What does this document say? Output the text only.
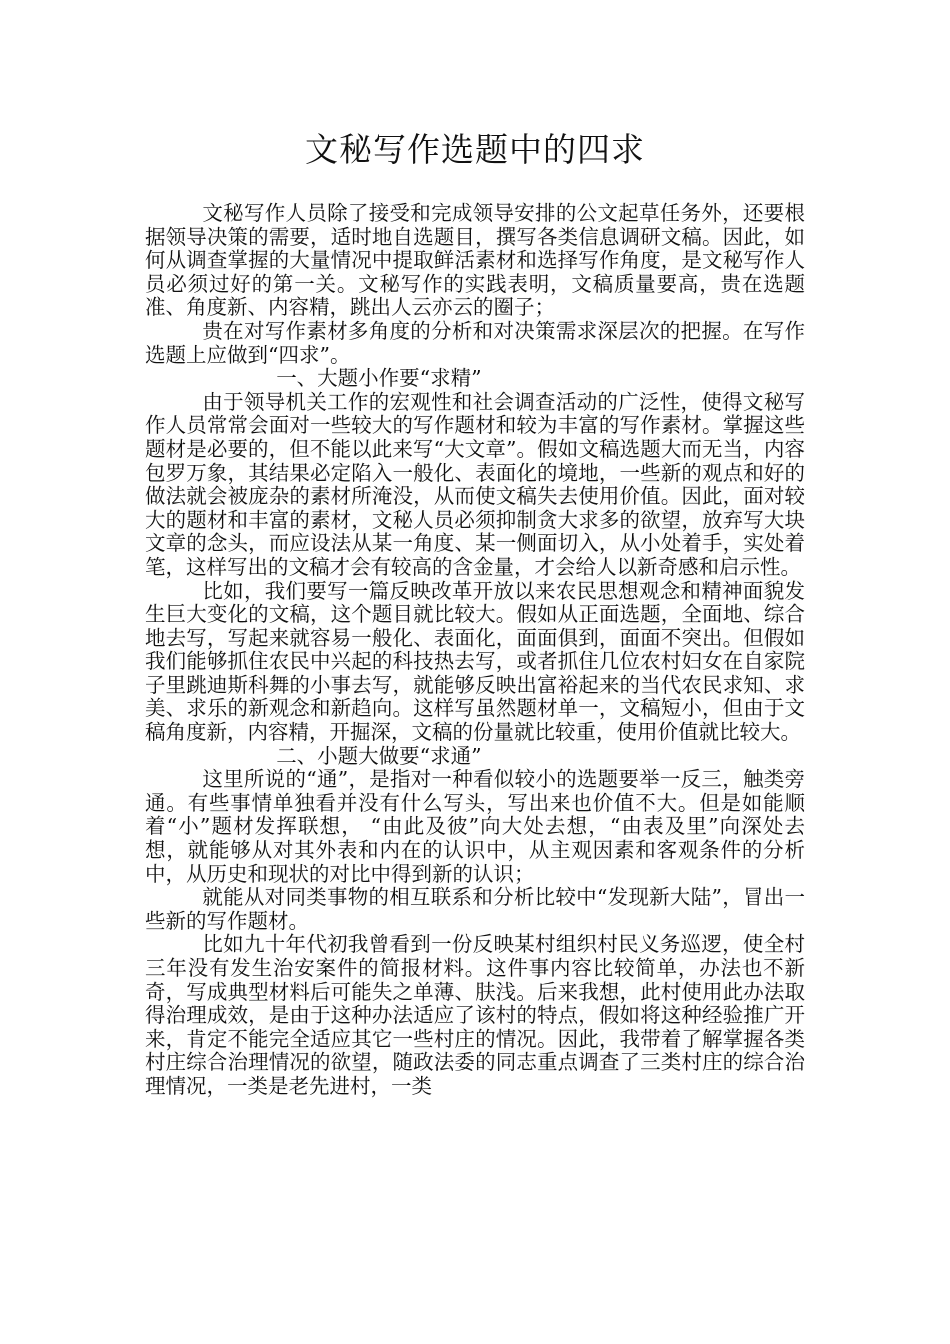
文秘写作选题中的四求

文秘写作人员除了接受和完成领导安排的公文起草任务外，还要根据领导决策的需要，适时地自选题目，撰写各类信息调研文稿。因此，如何从调查掌握的大量情况中提取鲜活素材和选择写作角度，是文秘写作人员必须过好的第一关。文秘写作的实践表明，文稿质量要高，贵在选题准、角度新、内容精，跳出人云亦云的圈子；

贵在对写作素材多角度的分析和对决策需求深层次的把握。在写作选题上应做到“四求”。

一、大题小作要“求精”

由于领导机关工作的宏观性和社会调查活动的广泛性，使得文秘写作人员常常会面对一些较大的写作题材和较为丰富的写作素材。掌握这些题材是必要的，但不能以此来写“大文章”。假如文稿选题大而无当，内容包罗万象，其结果必定陷入一般化、表面化的境地，一些新的观点和好的做法就会被庞杂的素材所淹没，从而使文稿失去使用价值。因此，面对较大的题材和丰富的素材，文秘人员必须抑制贪大求多的欲望，放弃写大块文章的念头，而应设法从某一角度、某一侧面切入，从小处着手，实处着笔，这样写出的文稿才会有较高的含金量，才会给人以新奇感和启示性。

比如，我们要写一篇反映改革开放以来农民思想观念和精神面貌发生巨大变化的文稿，这个题目就比较大。假如从正面选题，全面地、综合地去写，写起来就容易一般化、表面化，面面俱到，面面不突出。但假如我们能够抓住农民中兴起的科技热去写，或者抓住几位农村妇女在自家院子里跳迪斯科舞的小事去写，就能够反映出富裕起来的当代农民求知、求美、求乐的新观念和新趋向。这样写虽然题材单一，文稿短小，但由于文稿角度新，内容精，开掘深，文稿的份量就比较重，使用价值就比较大。

二、小题大做要“求通”

这里所说的“通”，是指对一种看似较小的选题要举一反三，触类旁通。有些事情单独看并没有什么写头，写出来也价值不大。但是如能顺着“小”题材发挥联想， “由此及彼”向大处去想，“由表及里”向深处去想，就能够从对其外表和内在的认识中，从主观因素和客观条件的分析中，从历史和现状的对比中得到新的认识；

就能从对同类事物的相互联系和分析比较中“发现新大陆”，冒出一些新的写作题材。

比如九十年代初我曾看到一份反映某村组织村民义务巡逻，使全村三年没有发生治安案件的简报材料。这件事内容比较简单，办法也不新奇，写成典型材料后可能失之单薄、肤浅。后来我想，此村使用此办法取得治理成效，是由于这种办法适应了该村的特点，假如将这种经验推广开来，肯定不能完全适应其它一些村庄的情况。因此，我带着了解掌握各类村庄综合治理情况的欲望，随政法委的同志重点调查了三类村庄的综合治理情况，一类是老先进村，一类
